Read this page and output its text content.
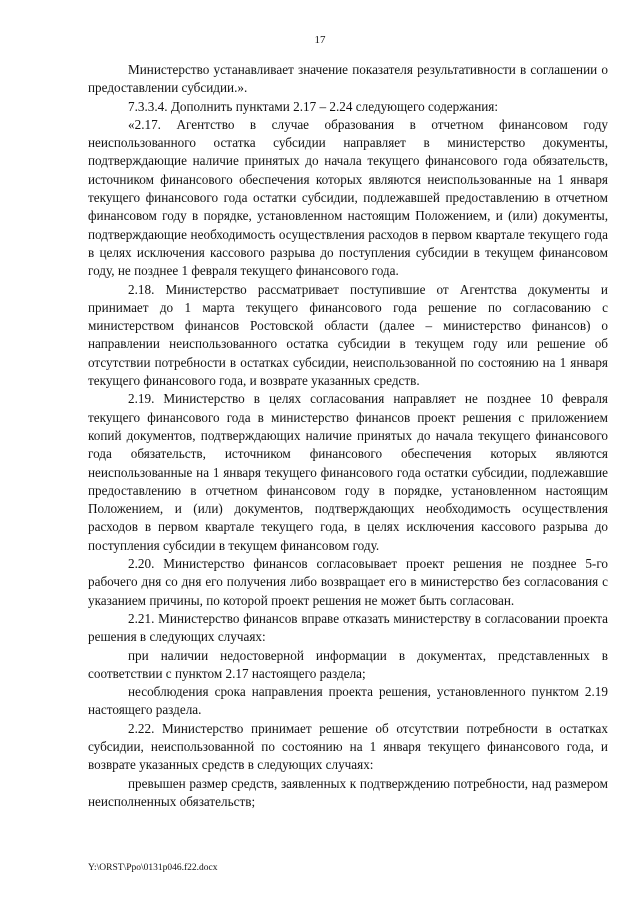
17

Министерство устанавливает значение показателя результативности в соглашении о предоставлении субсидии.».

7.3.3.4. Дополнить пунктами 2.17 – 2.24 следующего содержания:

«2.17. Агентство в случае образования в отчетном финансовом году неиспользованного остатка субсидии направляет в министерство документы, подтверждающие наличие принятых до начала текущего финансового года обязательств, источником финансового обеспечения которых являются неиспользованные на 1 января текущего финансового года остатки субсидии, подлежавшей предоставлению в отчетном финансовом году в порядке, установленном настоящим Положением, и (или) документы, подтверждающие необходимость осуществления расходов в первом квартале текущего года в целях исключения кассового разрыва до поступления субсидии в текущем финансовом году, не позднее 1 февраля текущего финансового года.

2.18. Министерство рассматривает поступившие от Агентства документы и принимает до 1 марта текущего финансового года решение по согласованию с министерством финансов Ростовской области (далее – министерство финансов) о направлении неиспользованного остатка субсидии в текущем году или решение об отсутствии потребности в остатках субсидии, неиспользованной по состоянию на 1 января текущего финансового года, и возврате указанных средств.

2.19. Министерство в целях согласования направляет не позднее 10 февраля текущего финансового года в министерство финансов проект решения с приложением копий документов, подтверждающих наличие принятых до начала текущего финансового года обязательств, источником финансового обеспечения которых являются неиспользованные на 1 января текущего финансового года остатки субсидии, подлежавшие предоставлению в отчетном финансовом году в порядке, установленном настоящим Положением, и (или) документов, подтверждающих необходимость осуществления расходов в первом квартале текущего года, в целях исключения кассового разрыва до поступления субсидии в текущем финансовом году.

2.20. Министерство финансов согласовывает проект решения не позднее 5-го рабочего дня со дня его получения либо возвращает его в министерство без согласования с указанием причины, по которой проект решения не может быть согласован.

2.21. Министерство финансов вправе отказать министерству в согласовании проекта решения в следующих случаях:

при наличии недостоверной информации в документах, представленных в соответствии с пунктом 2.17 настоящего раздела;

несоблюдения срока направления проекта решения, установленного пунктом 2.19 настоящего раздела.

2.22. Министерство принимает решение об отсутствии потребности в остатках субсидии, неиспользованной по состоянию на 1 января текущего финансового года, и возврате указанных средств в следующих случаях:

превышен размер средств, заявленных к подтверждению потребности, над размером неисполненных обязательств;

Y:\ORST\Ppo\0131p046.f22.docx
